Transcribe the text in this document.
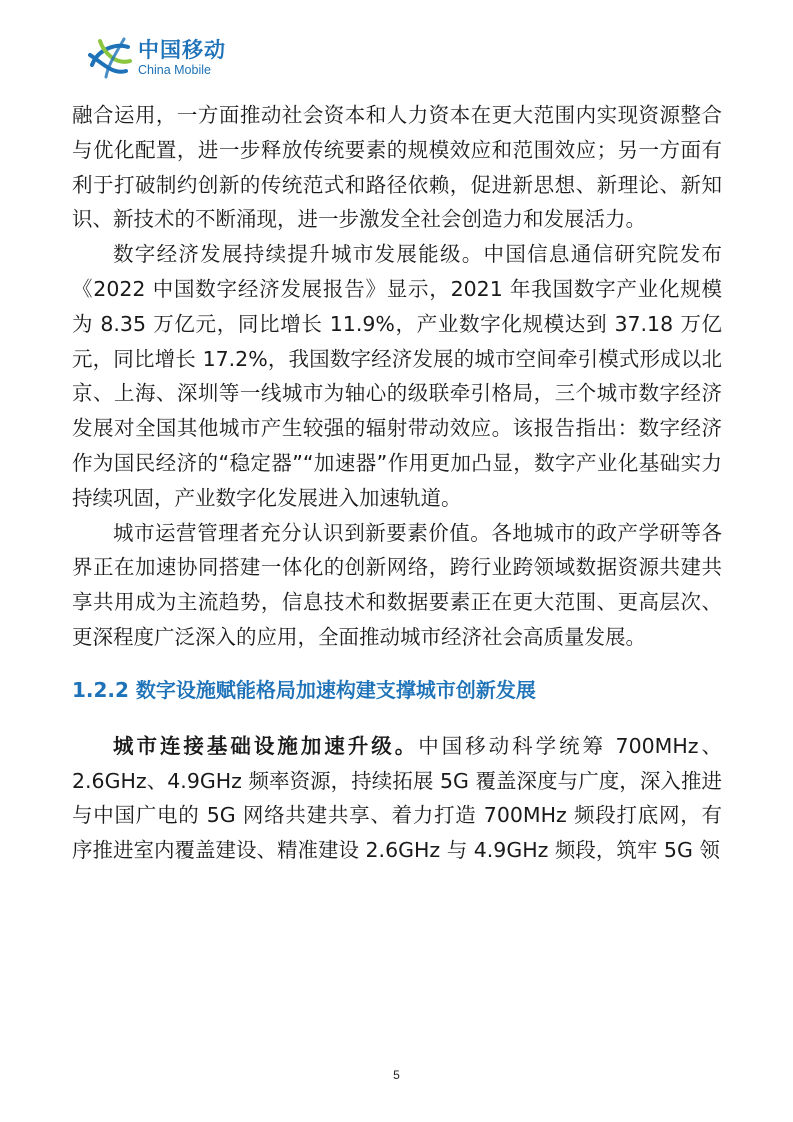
中国移动
China Mobile

融合运用，一方面推动社会资本和人力资本在更大范围内实现资源整合与优化配置，进一步释放传统要素的规模效应和范围效应；另一方面有利于打破制约创新的传统范式和路径依赖，促进新思想、新理论、新知识、新技术的不断涌现，进一步激发全社会创造力和发展活力。

数字经济发展持续提升城市发展能级。中国信息通信研究院发布《2022 中国数字经济发展报告》显示，2021 年我国数字产业化规模为 8.35 万亿元，同比增长 11.9%，产业数字化规模达到 37.18 万亿元，同比增长 17.2%，我国数字经济发展的城市空间牵引模式形成以北京、上海、深圳等一线城市为轴心的级联牵引格局，三个城市数字经济发展对全国其他城市产生较强的辐射带动效应。该报告指出：数字经济作为国民经济的“稳定器”“加速器”作用更加凸显，数字产业化基础实力持续巩固，产业数字化发展进入加速轨道。

城市运营管理者充分认识到新要素价值。各地城市的政产学研等各界正在加速协同搭建一体化的创新网络，跨行业跨领域数据资源共建共享共用成为主流趋势，信息技术和数据要素正在更大范围、更高层次、更深程度广泛深入的应用，全面推动城市经济社会高质量发展。

1.2.2 数字设施赋能格局加速构建支撑城市创新发展

城市连接基础设施加速升级。中国移动科学统筹 700MHz、2.6GHz、4.9GHz 频率资源，持续拓展 5G 覆盖深度与广度，深入推进与中国广电的 5G 网络共建共享、着力打造 700MHz 频段打底网，有序推进室内覆盖建设、精准建设 2.6GHz 与 4.9GHz 频段，筑牢 5G 领

5
